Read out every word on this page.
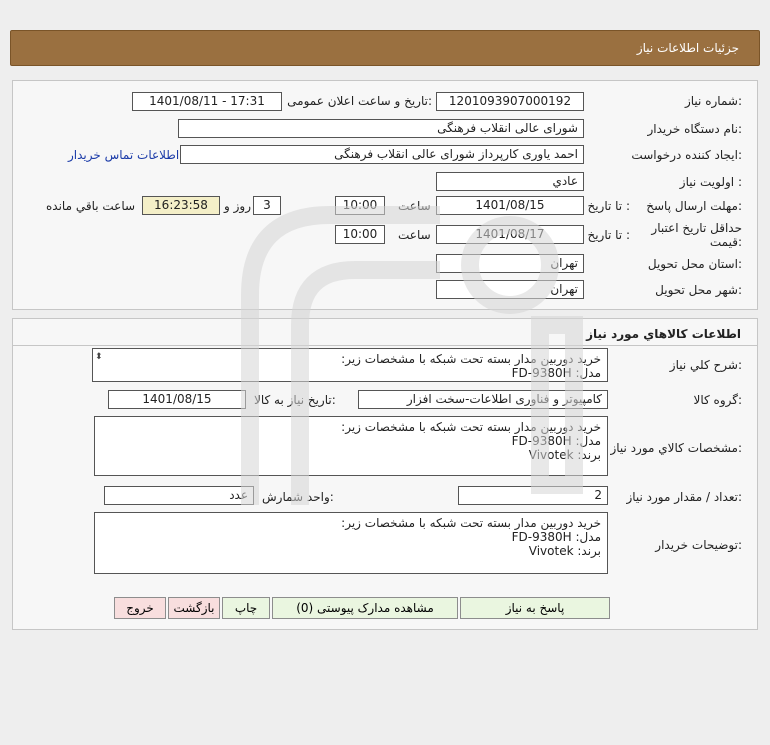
جزئیات اطلاعات نیاز
شماره نیاز:
1201093907000192
تاریخ و ساعت اعلان عمومی:
1401/08/11 - 17:31
نام دستگاه خریدار:
شورای عالی انقلاب فرهنگی
ایجاد کننده درخواست:
احمد یاوری کارپرداز شورای عالی انقلاب فرهنگی
اطلاعات تماس خریدار
اولویت نیاز :
عادي
مهلت ارسال پاسخ:
تا تاریخ :
1401/08/15
ساعت
10:00
3
روز و
16:23:58
ساعت باقي مانده
حداقل تاریخ اعتبار
قیمت:
تا تاریخ :
1401/08/17
ساعت
10:00
استان محل تحویل:
تهران
شهر محل تحویل:
تهران
اطلاعات کالاهاي مورد نياز
شرح کلي نياز:
⬍	خرید دوربین مدار بسته تحت شبکه با مشخصات زیر:
مدل: FD-9380H
گروه کالا:
کامپیوتر و فناوری اطلاعات-سخت افزار
تاریخ نیاز به کالا:
1401/08/15
مشخصات کالاي مورد نياز:
خرید دوربین مدار بسته تحت شبکه با مشخصات زیر:
مدل: FD-9380H
برند: Vivotek
تعداد / مقدار مورد نیاز:
2
واحد شمارش:
عدد
توضیحات خریدار:
خرید دوربین مدار بسته تحت شبکه با مشخصات زیر:
مدل: FD-9380H
برند: Vivotek
پاسخ به نیاز
مشاهده مدارک پیوستی (0)
چاپ
بازگشت
خروج
